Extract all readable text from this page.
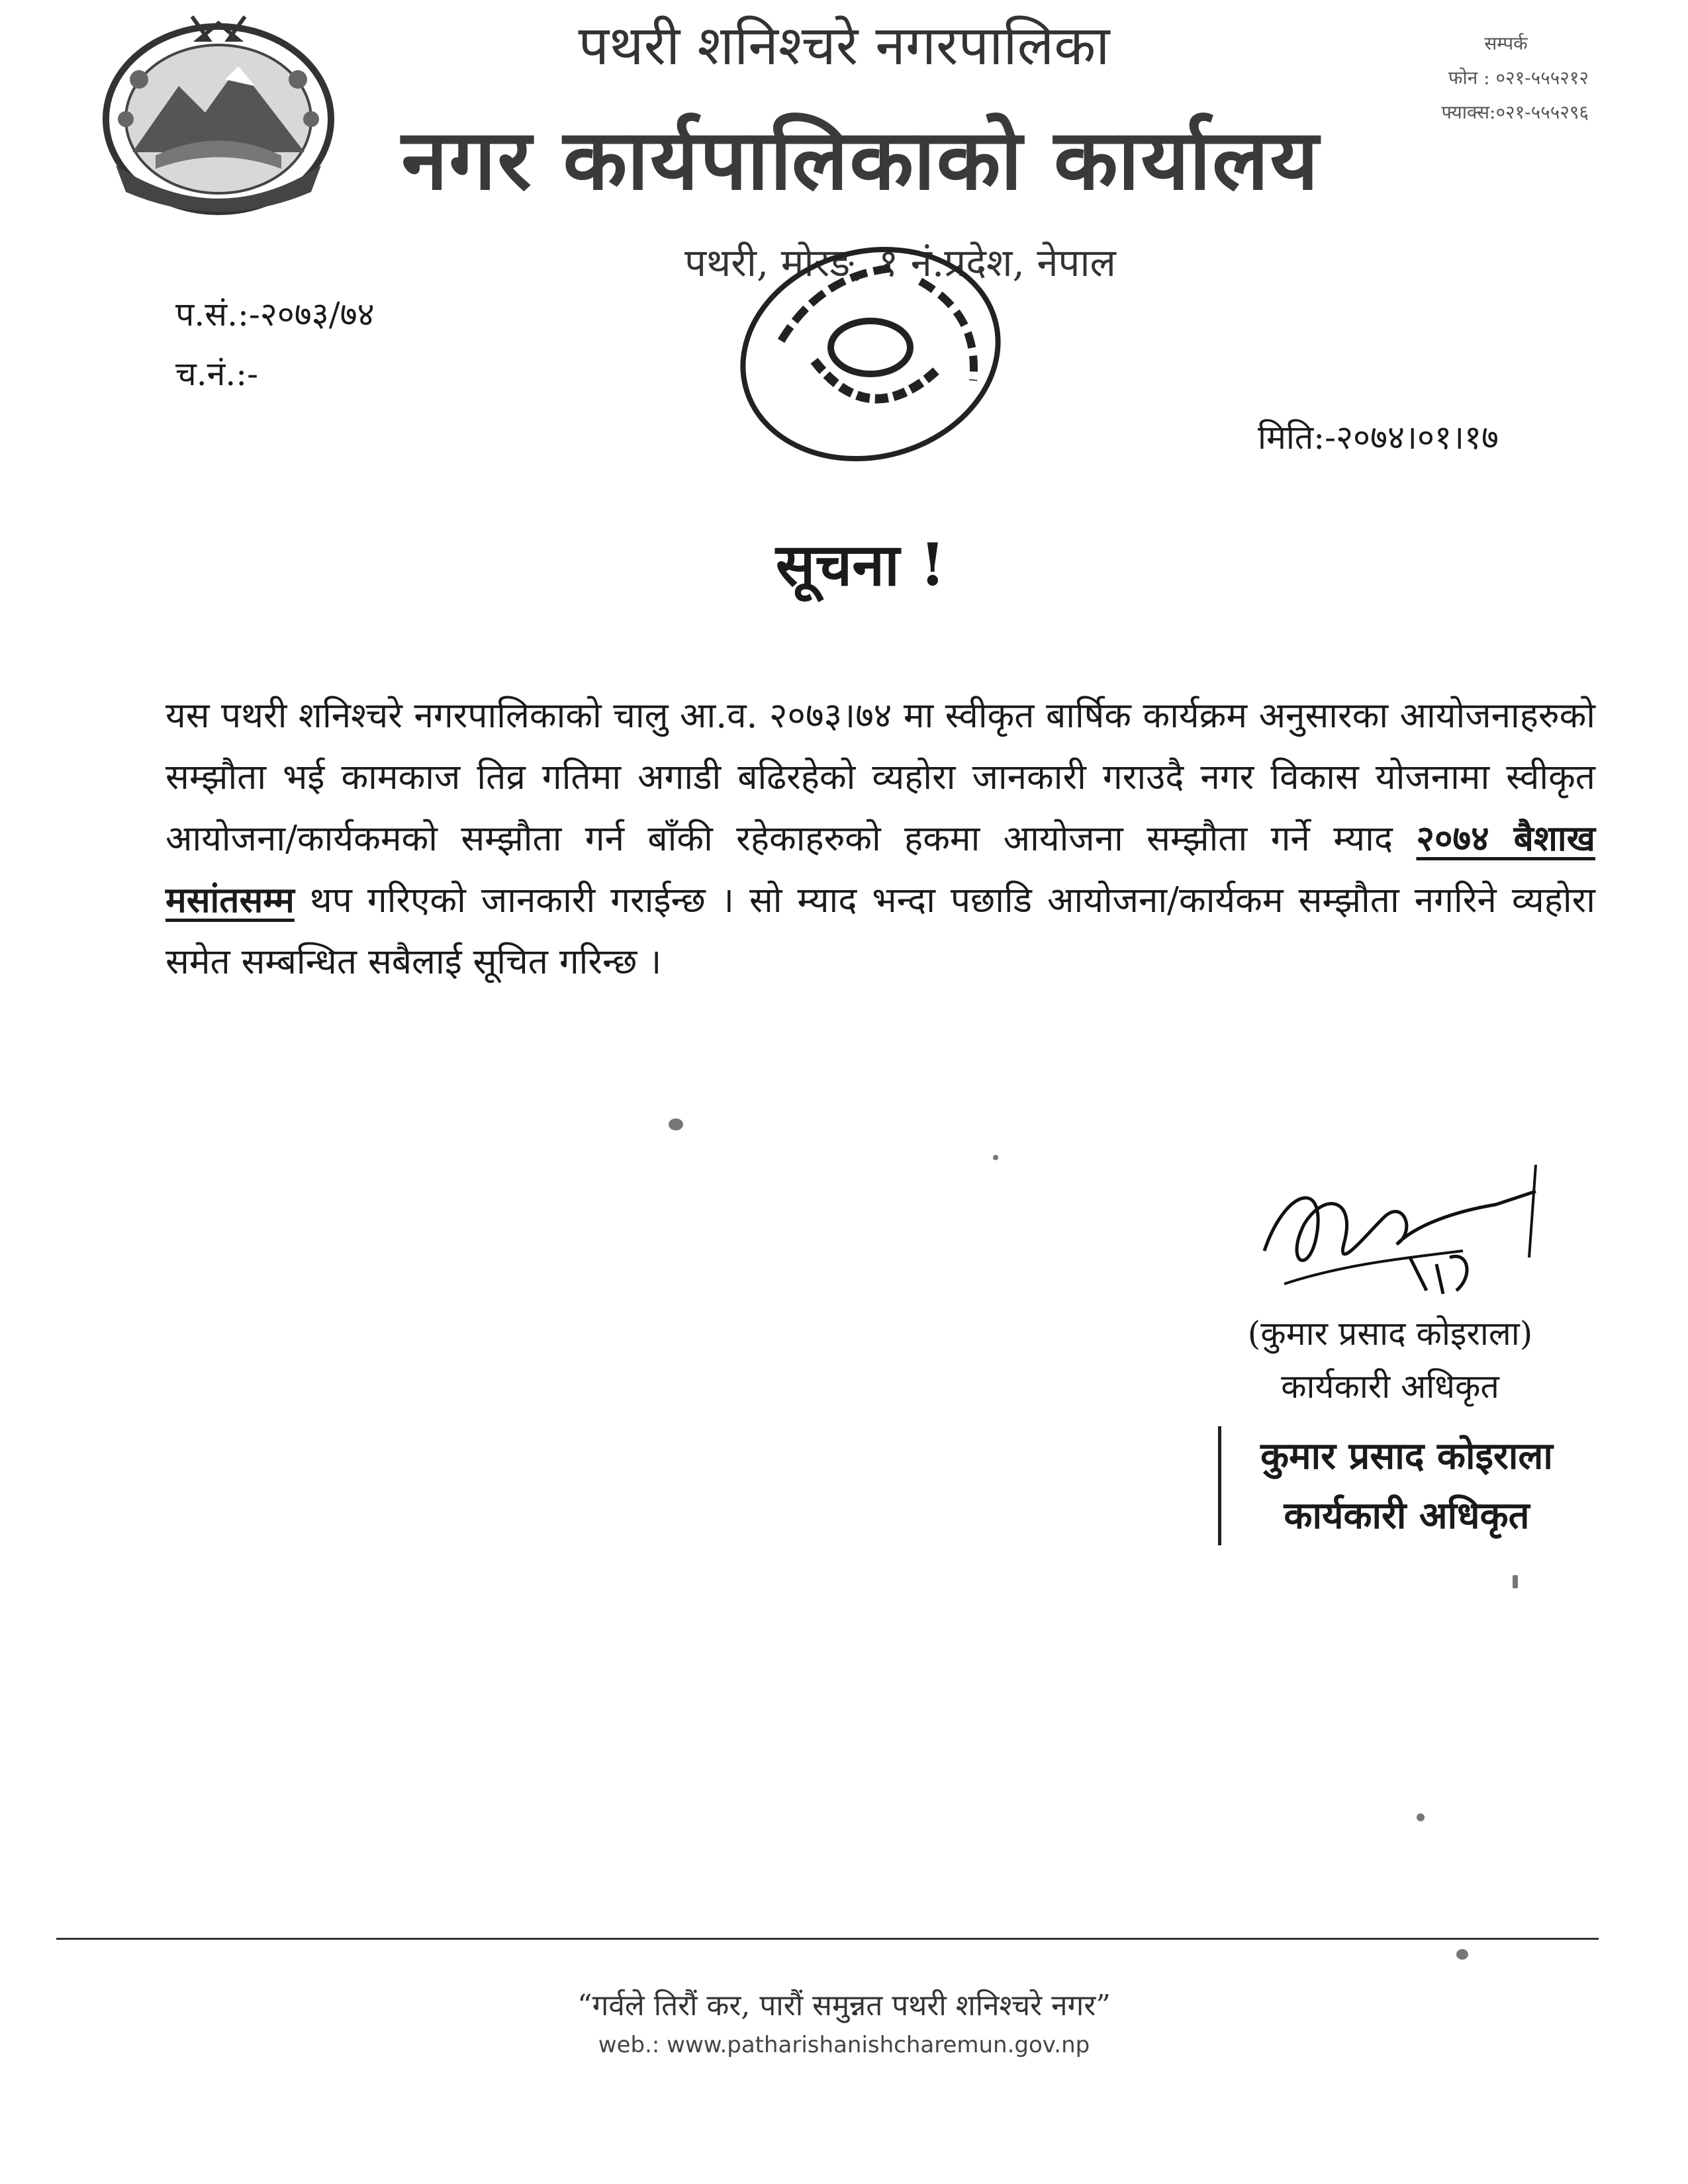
पथरी शनिश्चरे नगरपालिका
नगर कार्यपालिकाको कार्यालय
पथरी, मोरङ, १ नं.प्रदेश, नेपाल
सम्पर्क
फोन : ०२१-५५५२१२
फ्याक्स:०२१-५५५२९६
प.सं.:-२०७३/७४
च.नं.:-
मिति:-२०७४।०१।१७
सूचना !
यस पथरी शनिश्चरे नगरपालिकाको चालु आ.व. २०७३।७४ मा स्वीकृत बार्षिक कार्यक्रम अनुसारका आयोजनाहरुको सम्झौता भई कामकाज तिव्र गतिमा अगाडी बढिरहेको व्यहोरा जानकारी गराउदै नगर विकास योजनामा स्वीकृत आयोजना/कार्यकमको सम्झौता गर्न बाँकी रहेकाहरुको हकमा आयोजना सम्झौता गर्ने म्याद २०७४ बैशाख मसांतसम्म थप गरिएको जानकारी गराईन्छ । सो म्याद भन्दा पछाडि आयोजना/कार्यकम सम्झौता नगरिने व्यहोरा समेत सम्बन्धित सबैलाई सूचित गरिन्छ ।
(कुमार प्रसाद कोइराला)
कार्यकारी अधिकृत
कुमार प्रसाद कोइराला
कार्यकारी अधिकृत
“गर्वले तिरौं कर, पारौं समुन्नत पथरी शनिश्चरे नगर”
web.: www.patharishanishcharemun.gov.np
